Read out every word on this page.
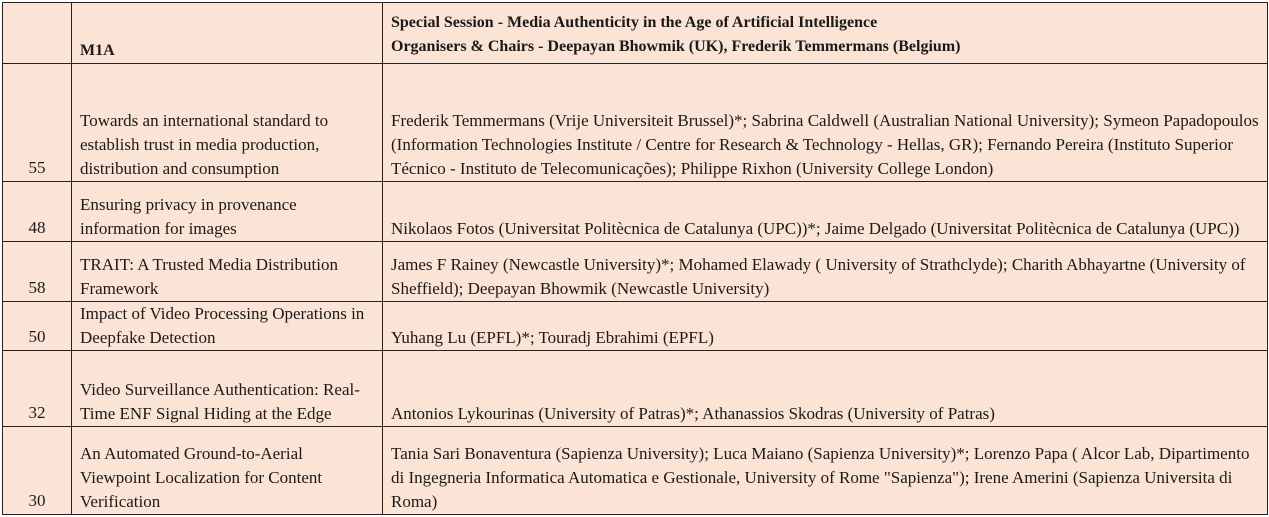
	M1A	Special Session - Media Authenticity in the Age of Artificial Intelligence
Organisers & Chairs - Deepayan Bhowmik (UK), Frederik Temmermans (Belgium)

55	Towards an international standard to establish trust in media production, distribution and consumption	Frederik Temmermans (Vrije Universiteit Brussel)*; Sabrina Caldwell (Australian National University); Symeon Papadopoulos (Information Technologies Institute / Centre for Research & Technology - Hellas, GR); Fernando Pereira (Instituto Superior Técnico - Instituto de Telecomunicações); Philippe Rixhon (University College London)
48	Ensuring privacy in provenance information for images	Nikolaos Fotos (Universitat Politècnica de Catalunya (UPC))*; Jaime Delgado (Universitat Politècnica de Catalunya (UPC))
58	TRAIT: A Trusted Media Distribution Framework	James F Rainey (Newcastle University)*; Mohamed Elawady ( University of Strathclyde); Charith Abhayartne (University of Sheffield); Deepayan Bhowmik (Newcastle University)
50	Impact of Video Processing Operations in Deepfake Detection	Yuhang Lu (EPFL)*; Touradj Ebrahimi (EPFL)
32	Video Surveillance Authentication: Real-Time ENF Signal Hiding at the Edge	Antonios Lykourinas (University of Patras)*; Athanassios Skodras (University of Patras)
30	An Automated Ground-to-Aerial Viewpoint Localization for Content Verification	Tania Sari Bonaventura (Sapienza University); Luca Maiano (Sapienza University)*; Lorenzo Papa ( Alcor Lab, Dipartimento di Ingegneria Informatica Automatica e Gestionale, University of Rome "Sapienza"); Irene Amerini (Sapienza Universita di Roma)
